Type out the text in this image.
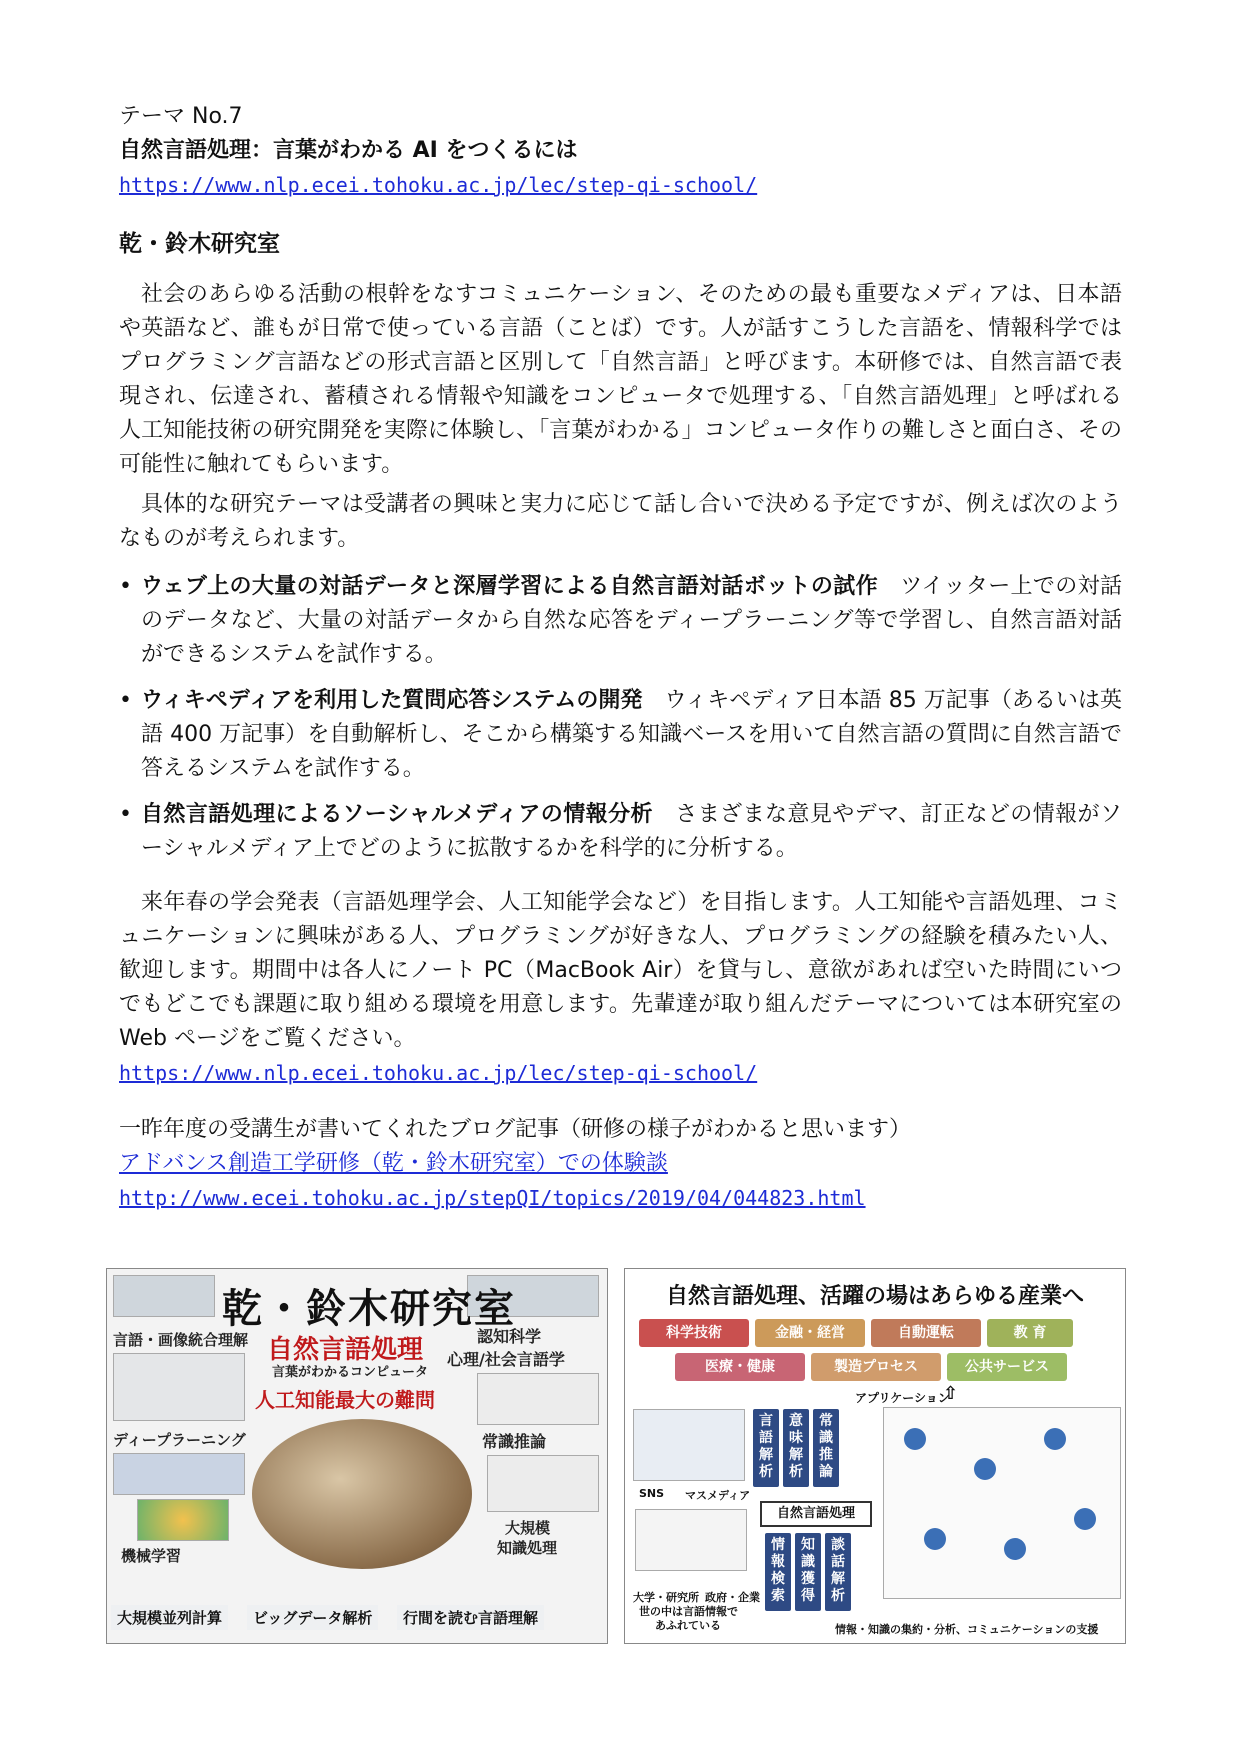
テーマ No.7
自然言語処理：言葉がわかる AI をつくるには
https://www.nlp.ecei.tohoku.ac.jp/lec/step-qi-school/
乾・鈴木研究室
社会のあらゆる活動の根幹をなすコミュニケーション、そのための最も重要なメディアは、日本語や英語など、誰もが日常で使っている言語（ことば）です。人が話すこうした言語を、情報科学ではプログラミング言語などの形式言語と区別して「自然言語」と呼びます。本研修では、自然言語で表現され、伝達され、蓄積される情報や知識をコンピュータで処理する、「自然言語処理」と呼ばれる人工知能技術の研究開発を実際に体験し、「言葉がわかる」コンピュータ作りの難しさと面白さ、その可能性に触れてもらいます。
具体的な研究テーマは受講者の興味と実力に応じて話し合いで決める予定ですが、例えば次のようなものが考えられます。
• ウェブ上の大量の対話データと深層学習による自然言語対話ボットの試作　 ツイッター上での対話のデータなど、大量の対話データから自然な応答をディープラーニング等で学習し、自然言語対話ができるシステムを試作する。
• ウィキペディアを利用した質問応答システムの開発　 ウィキペディア日本語 85 万記事（あるいは英語 400 万記事）を自動解析し、そこから構築する知識ベースを用いて自然言語の質問に自然言語で答えるシステムを試作する。
• 自然言語処理によるソーシャルメディアの情報分析　 さまざまな意見やデマ、訂正などの情報がソーシャルメディア上でどのように拡散するかを科学的に分析する。
来年春の学会発表（言語処理学会、人工知能学会など）を目指します。人工知能や言語処理、コミュニケーションに興味がある人、プログラミングが好きな人、プログラミングの経験を積みたい人、歓迎します。期間中は各人にノート PC（MacBook Air）を貸与し、意欲があれば空いた時間にいつでもどこでも課題に取り組める環境を用意します。先輩達が取り組んだテーマについては本研究室の Web ページをご覧ください。
https://www.nlp.ecei.tohoku.ac.jp/lec/step-qi-school/
一昨年度の受講生が書いてくれたブログ記事（研修の様子がわかると思います）
アドバンス創造工学研修（乾・鈴木研究室）での体験談
http://www.ecei.tohoku.ac.jp/stepQI/topics/2019/04/044823.html
乾・鈴木研究室
自然言語処理
言葉がわかるコンピュータ
人工知能最大の難問
言語・画像統合理解
ディープラーニング
機械学習
大規模並列計算	ビッグデータ解析	行間を読む言語理解
認知科学
心理/社会言語学
常識推論
大規模
知識処理
自然言語処理、活躍の場はあらゆる産業へ
科学技術	金融・経営	自動運転	教 育
医療・健康	製造プロセス	公共サービス
アプリケーション
⇧
言語解析
意味解析
常識推論
SNS マスメディア
自然言語処理
情報検索
知識獲得
談話解析
大学・研究所 政府・企業
世の中は言語情報で
あふれている	情報・知識の集約・分析、コミュニケーションの支援
